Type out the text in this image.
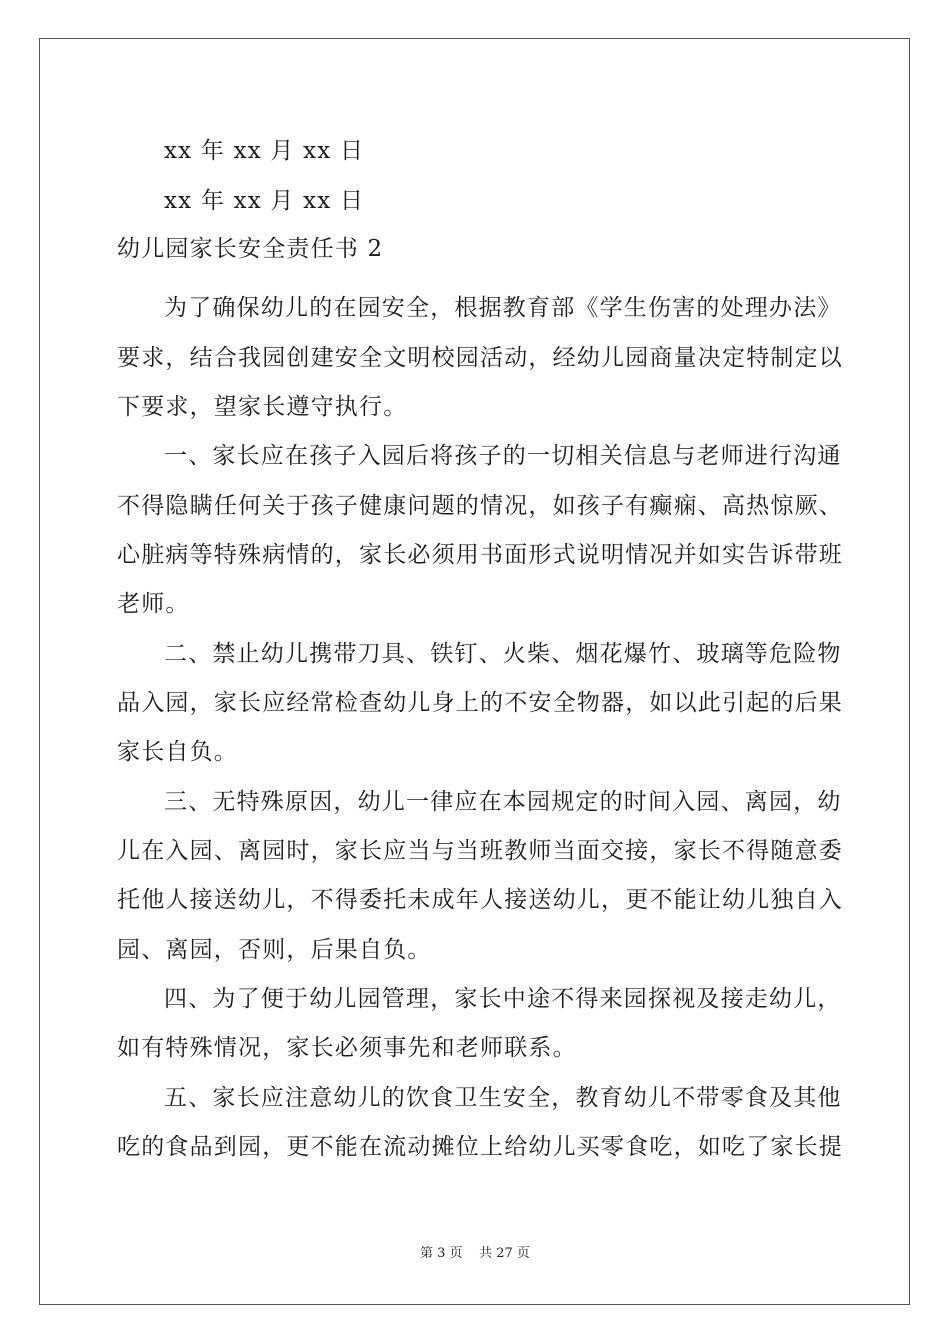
xx 年 xx 月 xx 日
xx 年 xx 月 xx 日
幼儿园家长安全责任书 2
为了确保幼儿的在园安全，根据教育部《学生伤害的处理办法》
要求，结合我园创建安全文明校园活动，经幼儿园商量决定特制定以
下要求，望家长遵守执行。
一、家长应在孩子入园后将孩子的一切相关信息与老师进行沟通
不得隐瞒任何关于孩子健康问题的情况，如孩子有癫痫、高热惊厥、
心脏病等特殊病情的，家长必须用书面形式说明情况并如实告诉带班
老师。
二、禁止幼儿携带刀具、铁钉、火柴、烟花爆竹、玻璃等危险物
品入园，家长应经常检查幼儿身上的不安全物器，如以此引起的后果
家长自负。
三、无特殊原因，幼儿一律应在本园规定的时间入园、离园，幼
儿在入园、离园时，家长应当与当班教师当面交接，家长不得随意委
托他人接送幼儿，不得委托未成年人接送幼儿，更不能让幼儿独自入
园、离园，否则，后果自负。
四、为了便于幼儿园管理，家长中途不得来园探视及接走幼儿，
如有特殊情况，家长必须事先和老师联系。
五、家长应注意幼儿的饮食卫生安全，教育幼儿不带零食及其他
吃的食品到园，更不能在流动摊位上给幼儿买零食吃，如吃了家长提
第 3 页 共 27 页
